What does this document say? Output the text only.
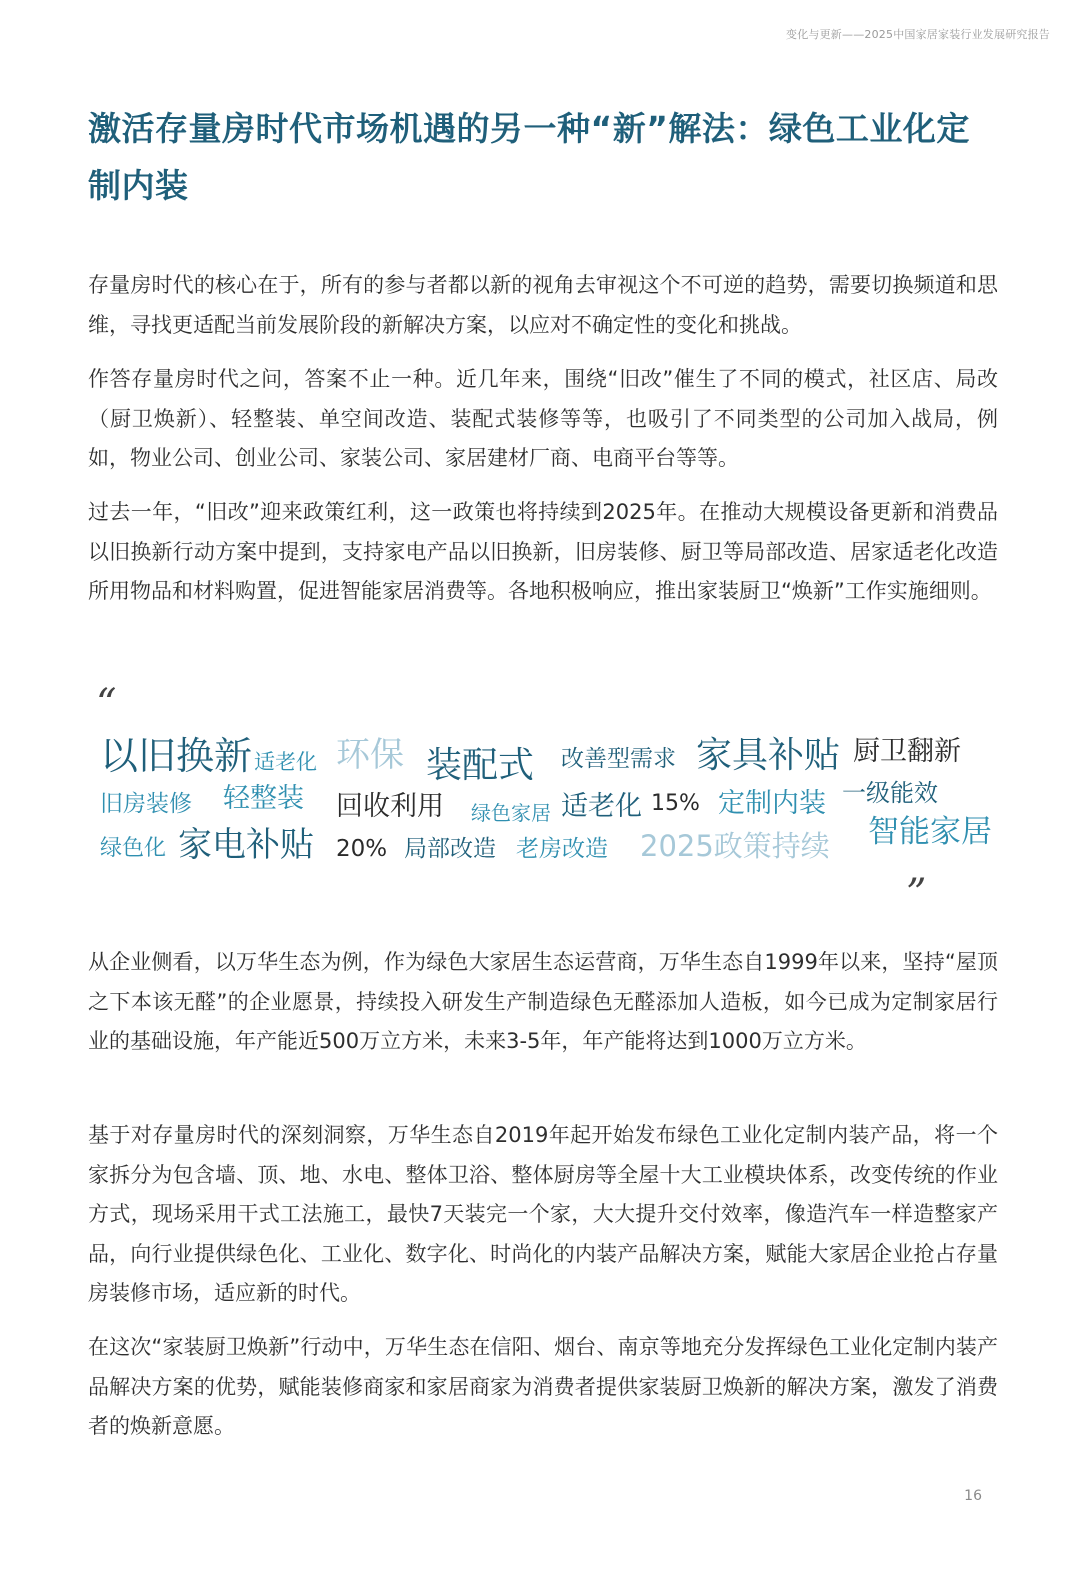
变化与更新——2025中国家居家装行业发展研究报告
激活存量房时代市场机遇的另一种“新”解法：绿色工业化定制内装

存量房时代的核心在于，所有的参与者都以新的视角去审视这个不可逆的趋势，需要切换频道和思维，寻找更适配当前发展阶段的新解决方案，以应对不确定性的变化和挑战。

作答存量房时代之问，答案不止一种。近几年来，围绕“旧改”催生了不同的模式，社区店、局改（厨卫焕新）、轻整装、单空间改造、装配式装修等等，也吸引了不同类型的公司加入战局，例如，物业公司、创业公司、家装公司、家居建材厂商、电商平台等等。

过去一年，“旧改”迎来政策红利，这一政策也将持续到2025年。在推动大规模设备更新和消费品以旧换新行动方案中提到，支持家电产品以旧换新，旧房装修、厨卫等局部改造、居家适老化改造所用物品和材料购置，促进智能家居消费等。各地积极响应，推出家装厨卫“焕新”工作实施细则。

“
以旧换新 适老化 环保 装配式 改善型需求 家具补贴 厨卫翻新
旧房装修 轻整装 回收利用 绿色家居 适老化 15% 定制内装 一级能效
智能家居
绿色化 家电补贴 20% 局部改造 老房改造 2025政策持续
”

从企业侧看，以万华生态为例，作为绿色大家居生态运营商，万华生态自1999年以来，坚持“屋顶之下本该无醛”的企业愿景，持续投入研发生产制造绿色无醛添加人造板，如今已成为定制家居行业的基础设施，年产能近500万立方米，未来3-5年，年产能将达到1000万立方米。

基于对存量房时代的深刻洞察，万华生态自2019年起开始发布绿色工业化定制内装产品，将一个家拆分为包含墙、顶、地、水电、整体卫浴、整体厨房等全屋十大工业模块体系，改变传统的作业方式，现场采用干式工法施工，最快7天装完一个家，大大提升交付效率，像造汽车一样造整家产品，向行业提供绿色化、工业化、数字化、时尚化的内装产品解决方案，赋能大家居企业抢占存量房装修市场，适应新的时代。

在这次“家装厨卫焕新”行动中，万华生态在信阳、烟台、南京等地充分发挥绿色工业化定制内装产品解决方案的优势，赋能装修商家和家居商家为消费者提供家装厨卫焕新的解决方案，激发了消费者的焕新意愿。

16
